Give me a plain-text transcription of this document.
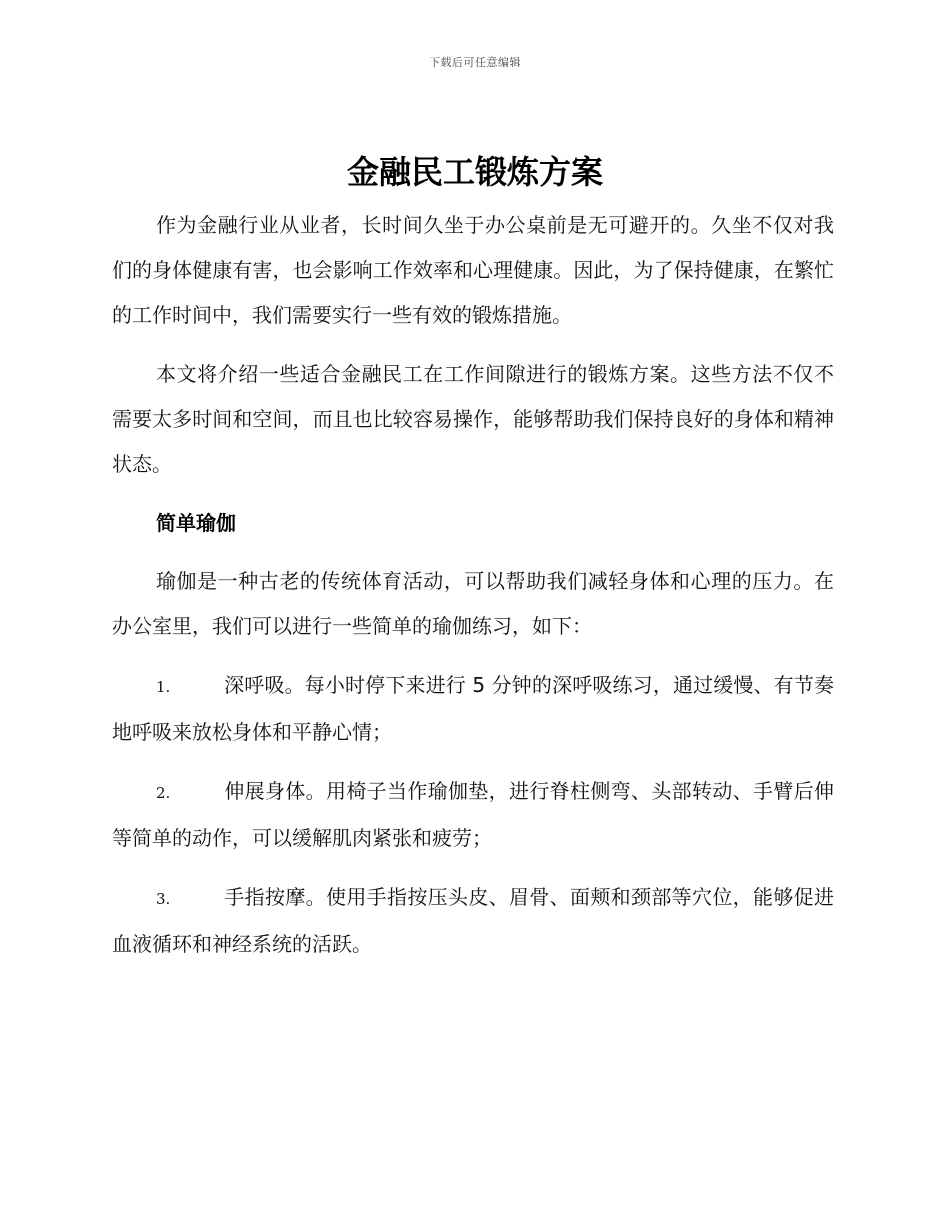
下载后可任意编辑
金融民工锻炼方案

作为金融行业从业者，长时间久坐于办公桌前是无可避开的。久坐不仅对我们的身体健康有害，也会影响工作效率和心理健康。因此，为了保持健康，在繁忙的工作时间中，我们需要实行一些有效的锻炼措施。

本文将介绍一些适合金融民工在工作间隙进行的锻炼方案。这些方法不仅不需要太多时间和空间，而且也比较容易操作，能够帮助我们保持良好的身体和精神状态。

简单瑜伽

瑜伽是一种古老的传统体育活动，可以帮助我们减轻身体和心理的压力。在办公室里，我们可以进行一些简单的瑜伽练习，如下：

1.	深呼吸。每小时停下来进行 5 分钟的深呼吸练习，通过缓慢、有节奏地呼吸来放松身体和平静心情；

2.	伸展身体。用椅子当作瑜伽垫，进行脊柱侧弯、头部转动、手臂后伸等简单的动作，可以缓解肌肉紧张和疲劳；

3.	手指按摩。使用手指按压头皮、眉骨、面颊和颈部等穴位，能够促进血液循环和神经系统的活跃。
